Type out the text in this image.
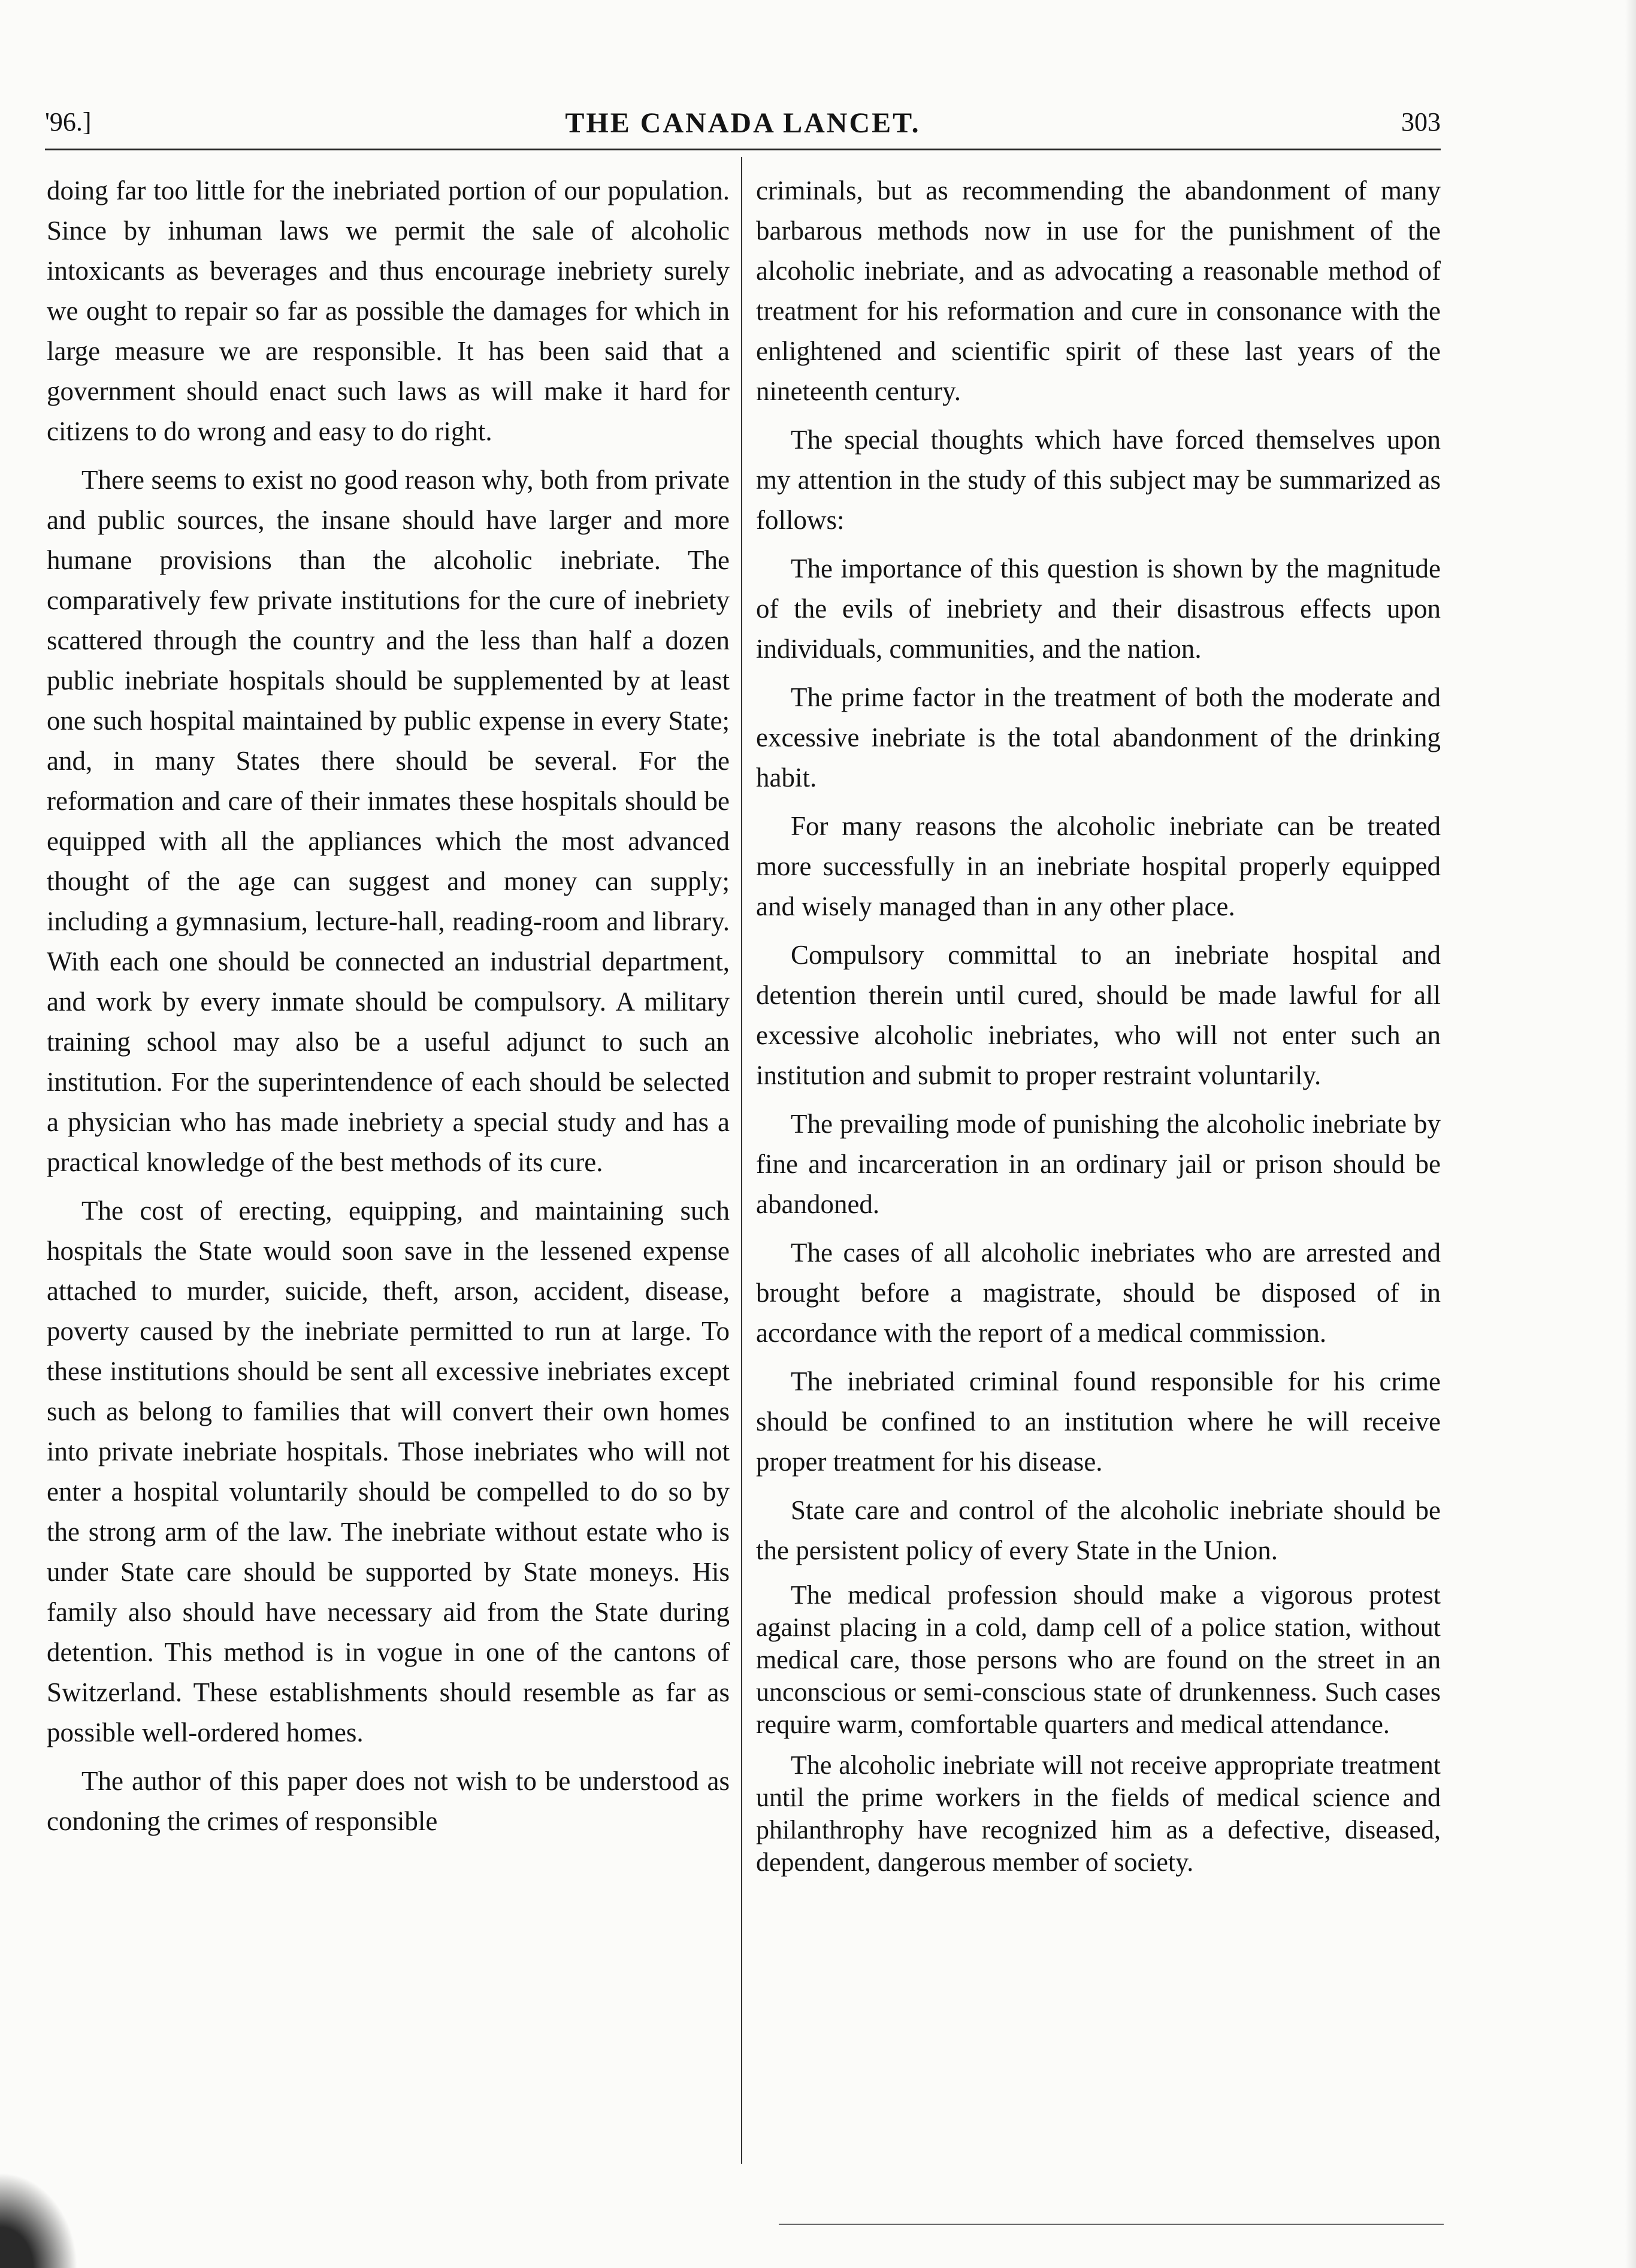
'96.]	THE CANADA LANCET.	303

doing far too little for the inebriated portion of our population. Since by inhuman laws we permit the sale of alcoholic intoxicants as beverages and thus encourage inebriety surely we ought to repair so far as possible the damages for which in large measure we are responsible. It has been said that a government should enact such laws as will make it hard for citizens to do wrong and easy to do right.

There seems to exist no good reason why, both from private and public sources, the insane should have larger and more humane provisions than the alcoholic inebriate. The comparatively few private institutions for the cure of inebriety scattered through the country and the less than half a dozen public inebriate hospitals should be supplemented by at least one such hospital maintained by public expense in every State; and, in many States there should be several. For the reformation and care of their inmates these hospitals should be equipped with all the appliances which the most advanced thought of the age can suggest and money can supply; including a gymnasium, lecture-hall, reading-room and library. With each one should be connected an industrial department, and work by every inmate should be compulsory. A military training school may also be a useful adjunct to such an institution. For the superintendence of each should be selected a physician who has made inebriety a special study and has a practical knowledge of the best methods of its cure.

The cost of erecting, equipping, and maintaining such hospitals the State would soon save in the lessened expense attached to murder, suicide, theft, arson, accident, disease, poverty caused by the inebriate permitted to run at large. To these institutions should be sent all excessive inebriates except such as belong to families that will convert their own homes into private inebriate hospitals. Those inebriates who will not enter a hospital voluntarily should be compelled to do so by the strong arm of the law. The inebriate without estate who is under State care should be supported by State moneys. His family also should have necessary aid from the State during detention. This method is in vogue in one of the cantons of Switzerland. These establishments should resemble as far as possible well-ordered homes.

The author of this paper does not wish to be understood as condoning the crimes of responsible

criminals, but as recommending the abandonment of many barbarous methods now in use for the punishment of the alcoholic inebriate, and as advocating a reasonable method of treatment for his reformation and cure in consonance with the enlightened and scientific spirit of these last years of the nineteenth century.

The special thoughts which have forced themselves upon my attention in the study of this subject may be summarized as follows:

The importance of this question is shown by the magnitude of the evils of inebriety and their disastrous effects upon individuals, communities, and the nation.

The prime factor in the treatment of both the moderate and excessive inebriate is the total abandonment of the drinking habit.

For many reasons the alcoholic inebriate can be treated more successfully in an inebriate hospital properly equipped and wisely managed than in any other place.

Compulsory committal to an inebriate hospital and detention therein until cured, should be made lawful for all excessive alcoholic inebriates, who will not enter such an institution and submit to proper restraint voluntarily.

The prevailing mode of punishing the alcoholic inebriate by fine and incarceration in an ordinary jail or prison should be abandoned.

The cases of all alcoholic inebriates who are arrested and brought before a magistrate, should be disposed of in accordance with the report of a medical commission.

The inebriated criminal found responsible for his crime should be confined to an institution where he will receive proper treatment for his disease.

State care and control of the alcoholic inebriate should be the persistent policy of every State in the Union.

The medical profession should make a vigorous protest against placing in a cold, damp cell of a police station, without medical care, those persons who are found on the street in an unconscious or semi-conscious state of drunkenness. Such cases require warm, comfortable quarters and medical attendance.

The alcoholic inebriate will not receive appropriate treatment until the prime workers in the fields of medical science and philanthrophy have recognized him as a defective, diseased, dependent, dangerous member of society.
